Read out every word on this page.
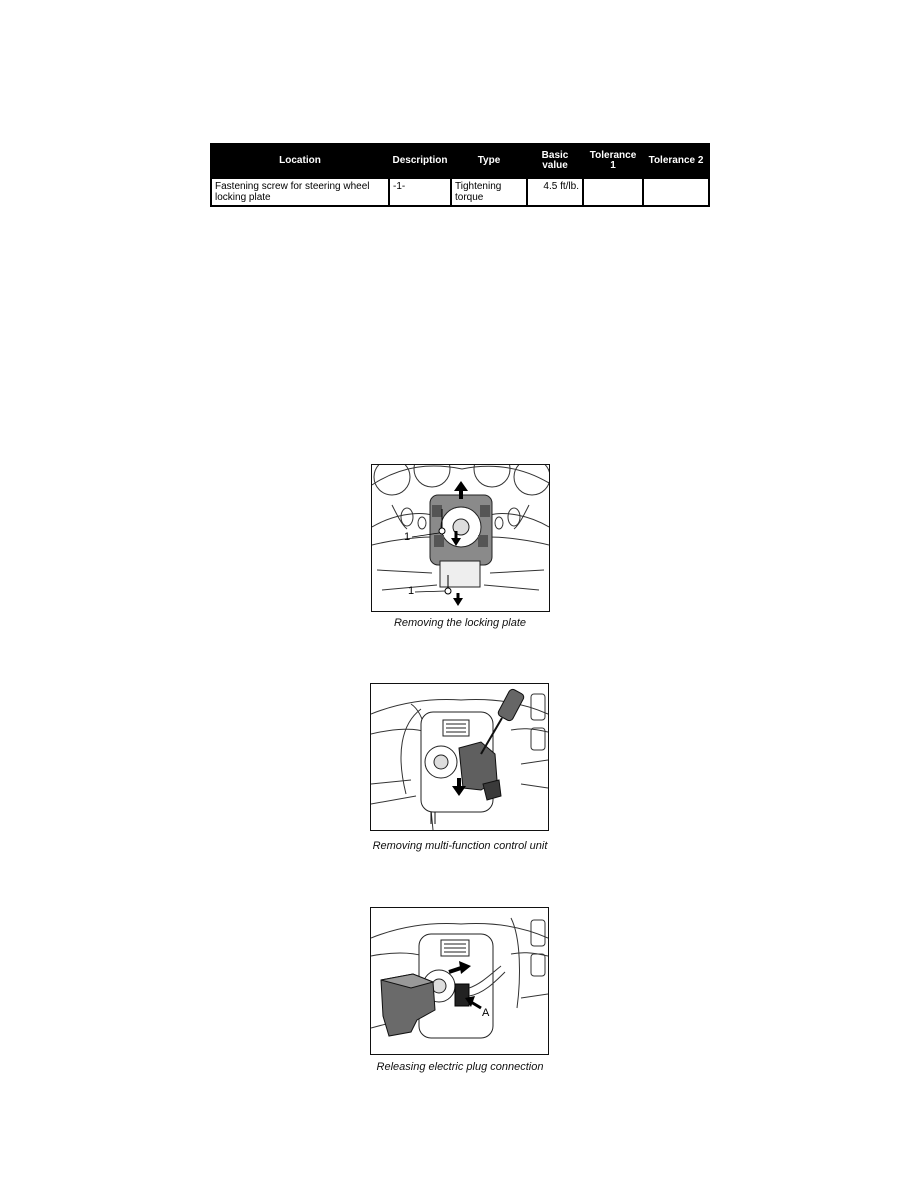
Location	Description	Type	Basic value	Tolerance 1	Tolerance 2
Fastening screw for steering wheel locking plate	-1-	Tightening torque	4.5 ft/lb.		
1
1
Removing the locking plate
Removing multi-function control unit
A
Releasing electric plug connection
